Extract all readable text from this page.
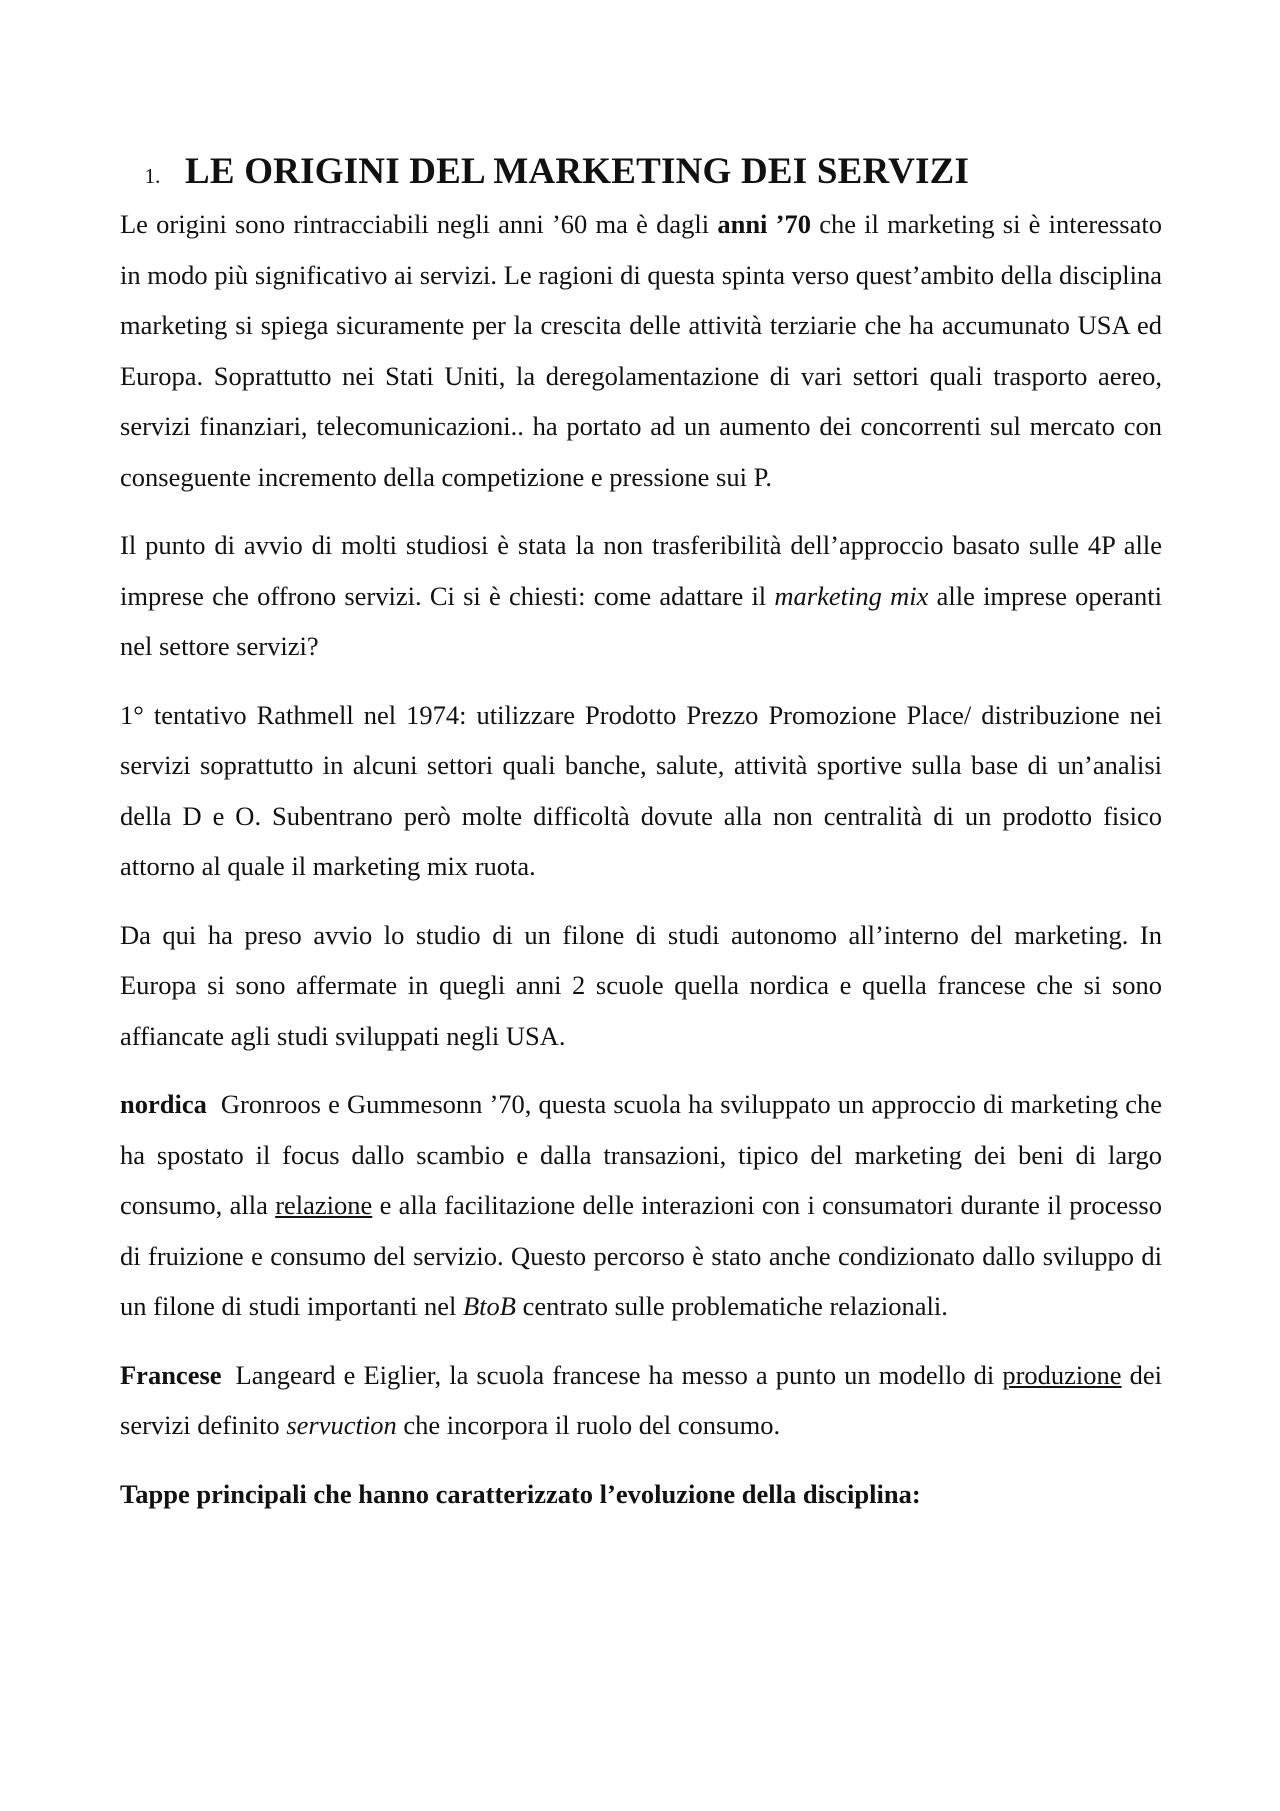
1. LE ORIGINI DEL MARKETING DEI SERVIZI

Le origini sono rintracciabili negli anni ’60 ma è dagli anni ’70 che il marketing si è interessato in modo più significativo ai servizi. Le ragioni di questa spinta verso quest’ambito della disciplina marketing si spiega sicuramente per la crescita delle attività terziarie che ha accumunato USA ed Europa. Soprattutto nei Stati Uniti, la deregolamentazione di vari settori quali trasporto aereo, servizi finanziari, telecomunicazioni.. ha portato ad un aumento dei concorrenti sul mercato con conseguente incremento della competizione e pressione sui P.

Il punto di avvio di molti studiosi è stata la non trasferibilità dell’approccio basato sulle 4P alle imprese che offrono servizi. Ci si è chiesti: come adattare il marketing mix alle imprese operanti nel settore servizi?

1° tentativo Rathmell nel 1974: utilizzare Prodotto Prezzo Promozione Place/ distribuzione nei servizi soprattutto in alcuni settori quali banche, salute, attività sportive sulla base di un’analisi della D e O. Subentrano però molte difficoltà dovute alla non centralità di un prodotto fisico attorno al quale il marketing mix ruota.

Da qui ha preso avvio lo studio di un filone di studi autonomo all’interno del marketing. In Europa si sono affermate in quegli anni 2 scuole quella nordica e quella francese che si sono affiancate agli studi sviluppati negli USA.

nordica Gronroos e Gummesonn ’70, questa scuola ha sviluppato un approccio di marketing che ha spostato il focus dallo scambio e dalla transazioni, tipico del marketing dei beni di largo consumo, alla relazione e alla facilitazione delle interazioni con i consumatori durante il processo di fruizione e consumo del servizio. Questo percorso è stato anche condizionato dallo sviluppo di un filone di studi importanti nel BtoB centrato sulle problematiche relazionali.

Francese Langeard e Eiglier, la scuola francese ha messo a punto un modello di produzione dei servizi definito servuction che incorpora il ruolo del consumo.

Tappe principali che hanno caratterizzato l’evoluzione della disciplina:
